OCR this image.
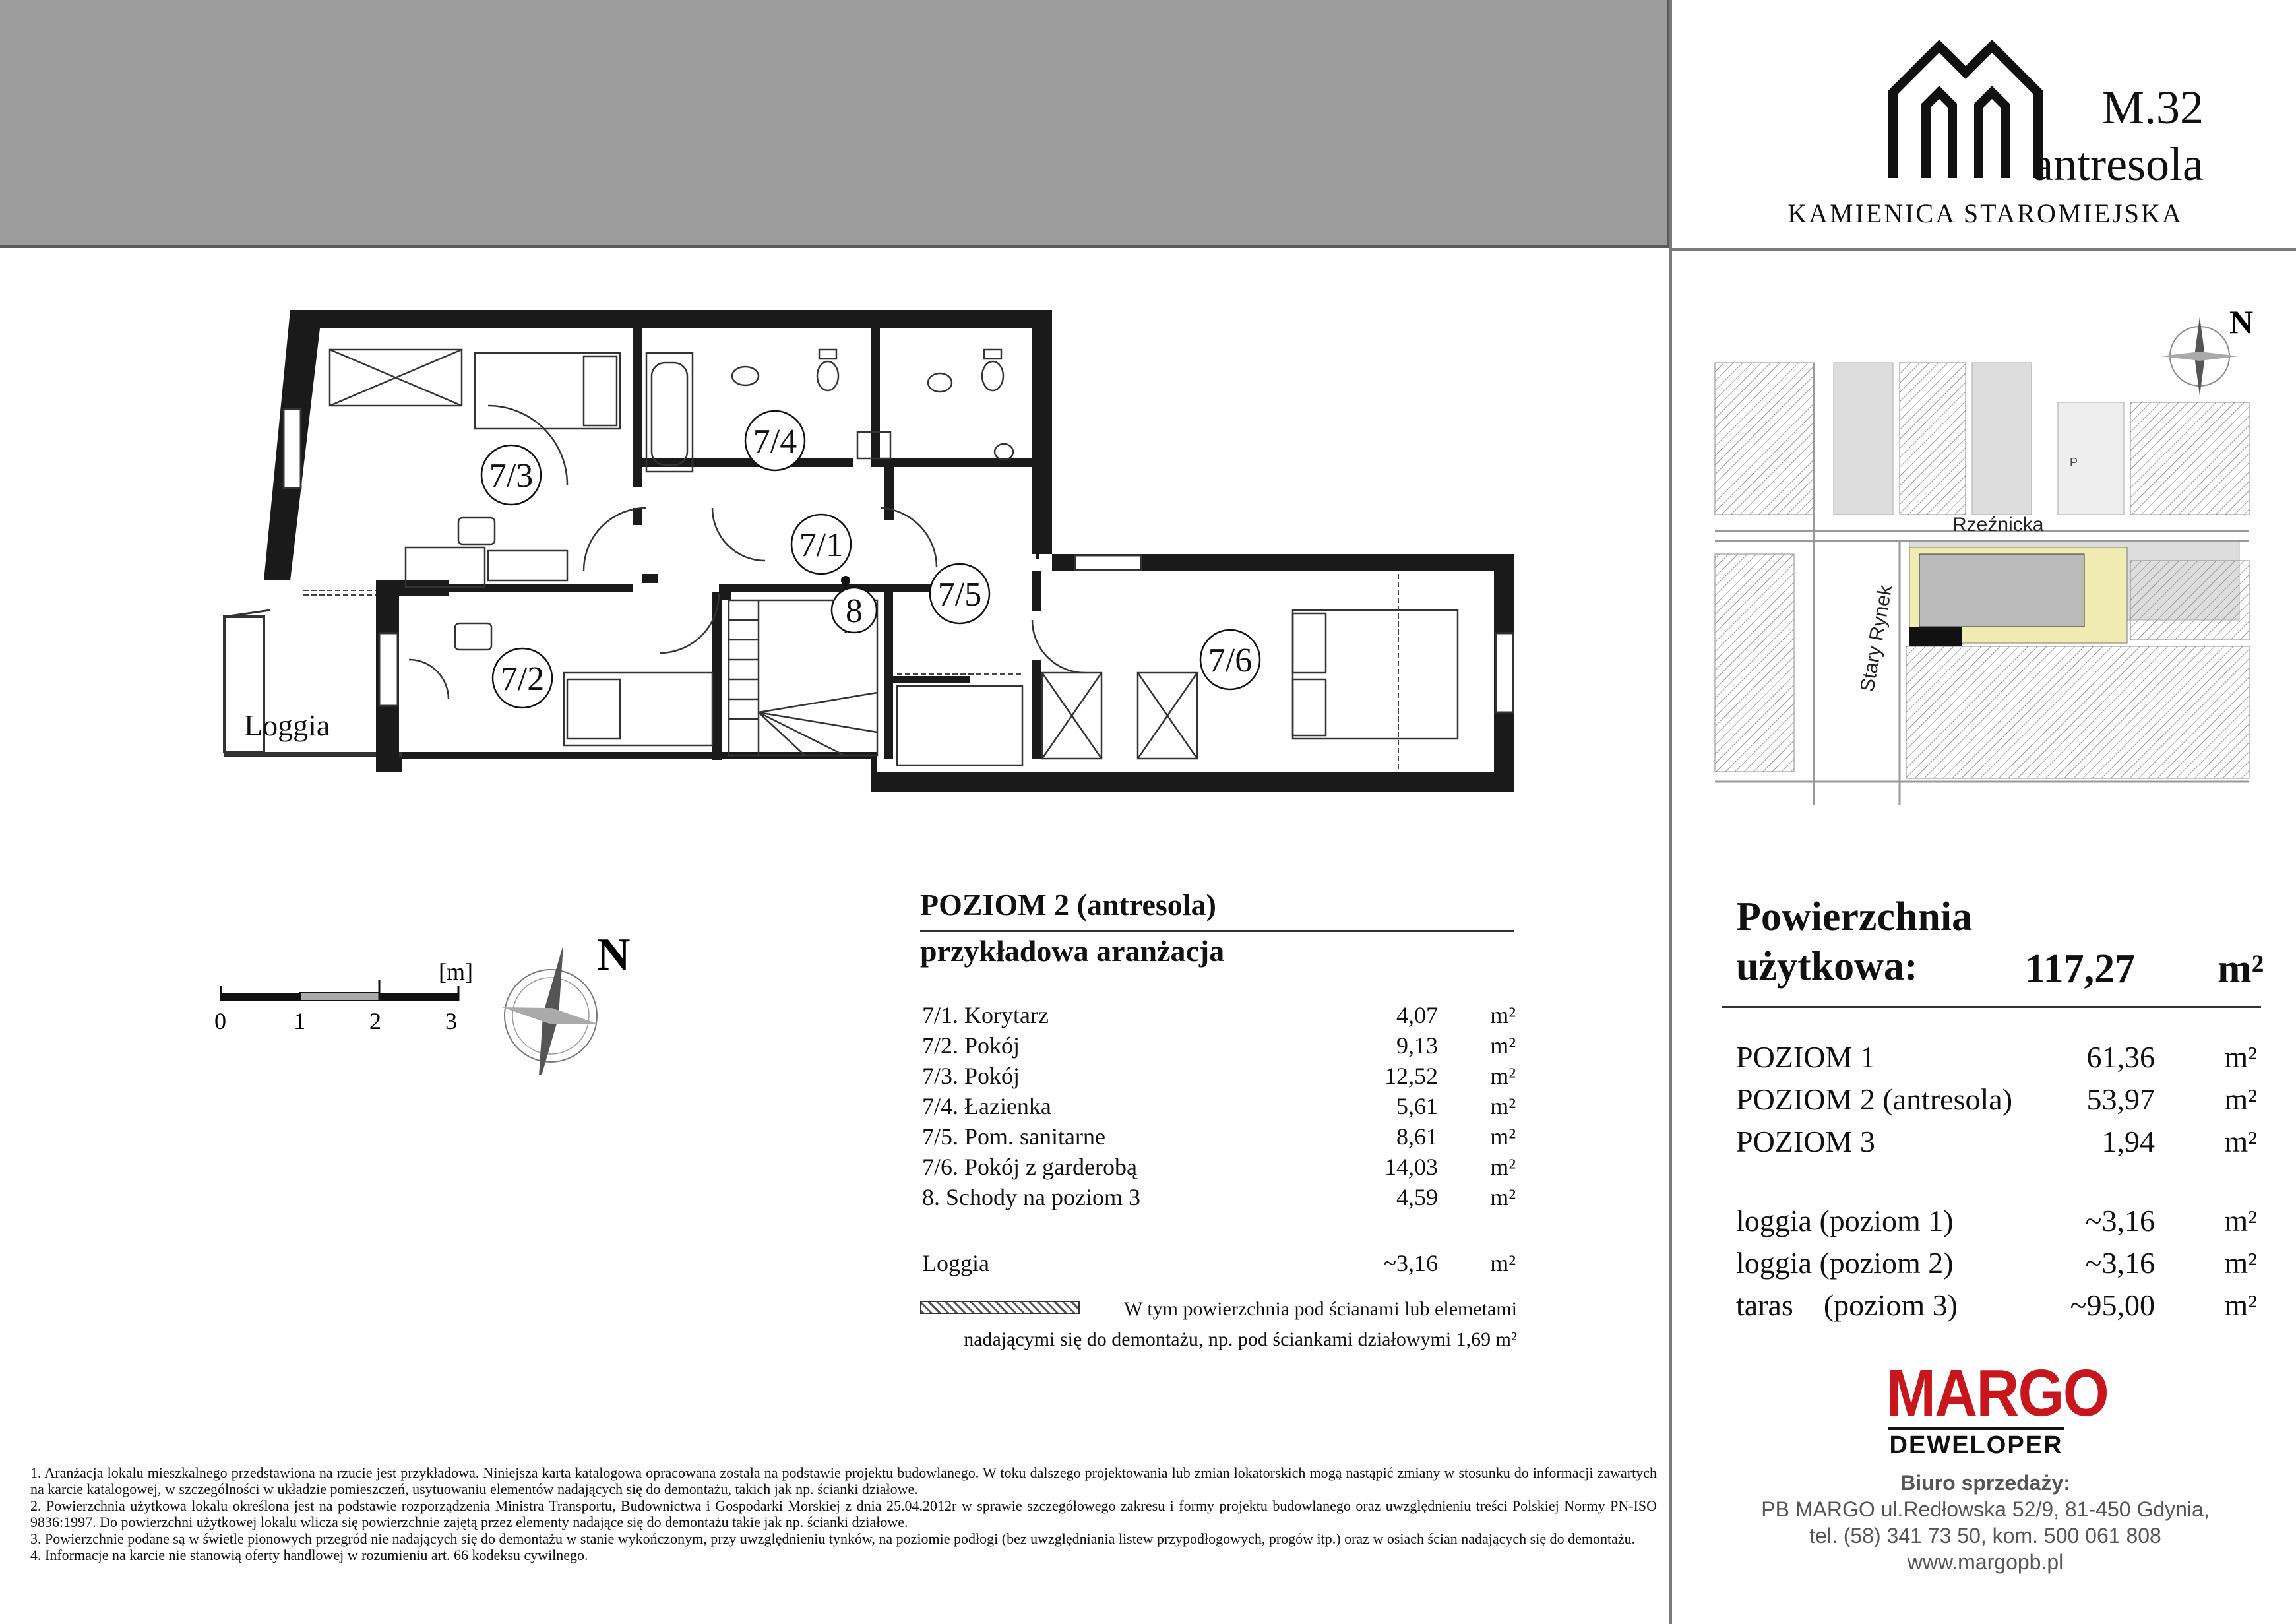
M.32
antresola
KAMIENICA STAROMIEJSKA
7/3
7/4
7/1
7/5
7/2	7/6
8
Loggia
[m]
0	1	2	3
N
P
Rzeźnicka
Stary Rynek
N
POZIOM 2 (antresola)
przykładowa aranżacja
7/1. Korytarz	4,07 m²
7/2. Pokój	9,13 m²
7/3. Pokój	12,52 m²
7/4. Łazienka	5,61 m²
7/5. Pom. sanitarne	8,61 m²
7/6. Pokój z garderobą	14,03 m²
8. Schody na poziom 3	4,59 m²
Loggia	~3,16 m²
W tym powierzchnia pod ścianami lub elemetami
nadającymi się do demontażu, np. pod ściankami działowymi 1,69 m²
Powierzchnia
użytkowa:	117,27 m²
POZIOM 1	61,36 m²
POZIOM 2 (antresola) 53,97 m²
POZIOM 3	1,94 m²
loggia (poziom 1)	~3,16 m²
loggia (poziom 2)	~3,16 m²
taras    (poziom 3)	~95,00 m²
MARGO
DEWELOPER
Biuro sprzedaży:
PB MARGO ul.Redłowska 52/9, 81-450 Gdynia,
tel. (58) 341 73 50, kom. 500 061 808
www.margopb.pl

1. Aranżacja lokalu mieszkalnego przedstawiona na rzucie jest przykładowa. Niniejsza karta katalogowa opracowana została na podstawie projektu budowlanego. W toku dalszego projektowania lub zmian lokatorskich mogą nastąpić zmiany w stosunku do informacji zawartych na karcie katalogowej, w szczególności w układzie pomieszczeń, usytuowaniu elementów nadających się do demontażu, takich jak np. ścianki działowe.

2. Powierzchnia użytkowa lokalu określona jest na podstawie rozporządzenia Ministra Transportu, Budownictwa i Gospodarki Morskiej z dnia 25.04.2012r w sprawie szczegółowego zakresu i formy projektu budowlanego oraz uwzględnieniu treści Polskiej Normy PN-ISO 9836:1997. Do powierzchni użytkowej lokalu wlicza się powierzchnie zajętą przez elementy nadające się do demontażu takie jak np. ścianki działowe.

3. Powierzchnie podane są w świetle pionowych przegród nie nadających się do demontażu w stanie wykończonym, przy uwzględnieniu tynków, na poziomie podłogi (bez uwzględniania listew przypodłogowych, progów itp.) oraz w osiach ścian nadających się do demontażu.

4. Informacje na karcie nie stanowią oferty handlowej w rozumieniu art. 66 kodeksu cywilnego.
